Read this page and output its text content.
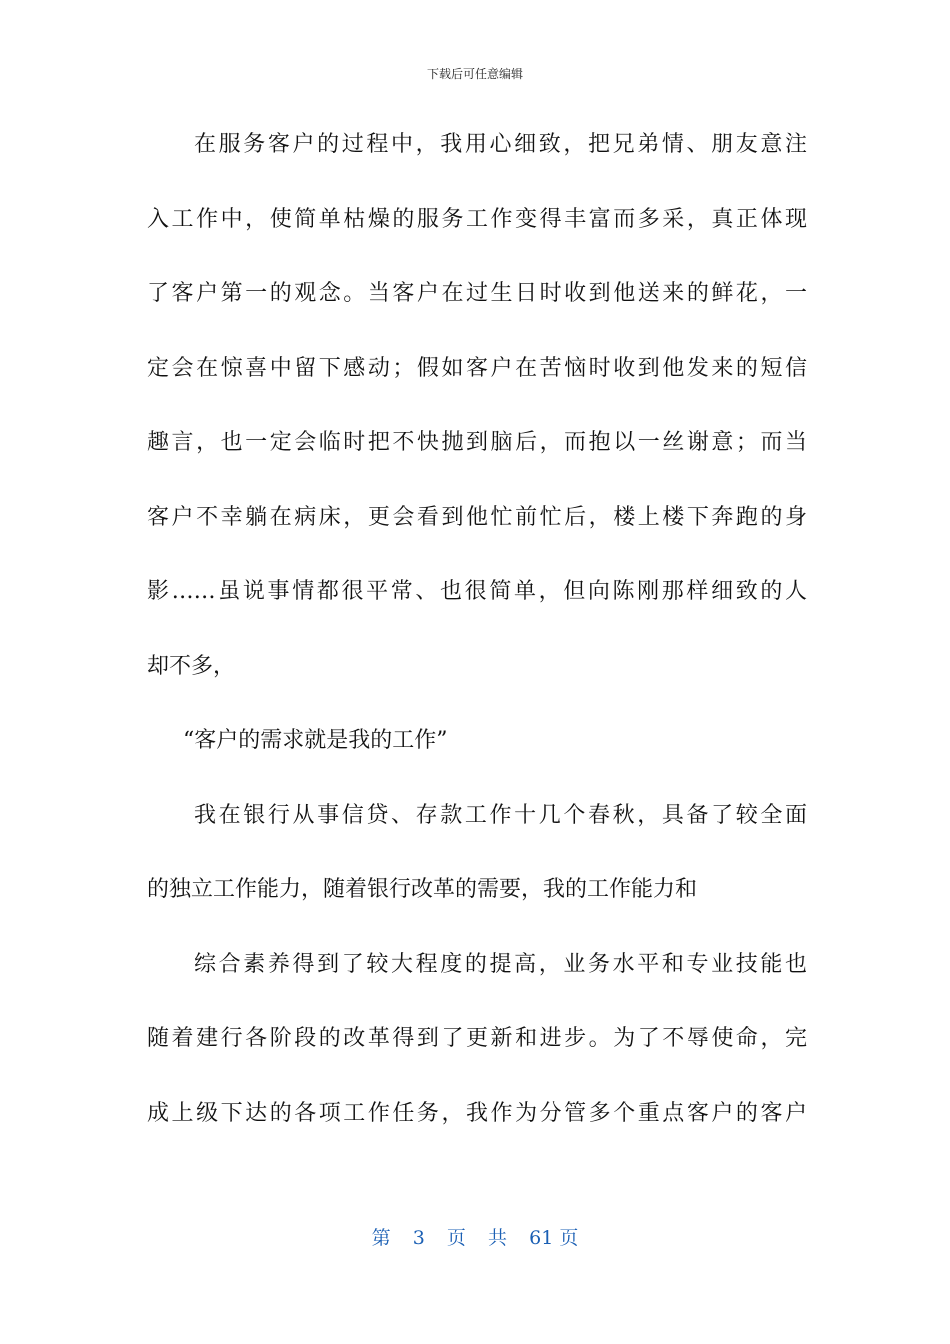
下载后可任意编辑
在服务客户的过程中，我用心细致，把兄弟情、朋友意注
入工作中，使简单枯燥的服务工作变得丰富而多采，真正体现
了客户第一的观念。当客户在过生日时收到他送来的鲜花，一
定会在惊喜中留下感动；假如客户在苦恼时收到他发来的短信
趣言，也一定会临时把不快抛到脑后，而抱以一丝谢意；而当
客户不幸躺在病床，更会看到他忙前忙后，楼上楼下奔跑的身
影……虽说事情都很平常、也很简单，但向陈刚那样细致的人
却不多，
“客户的需求就是我的工作”
我在银行从事信贷、存款工作十几个春秋，具备了较全面
的独立工作能力，随着银行改革的需要，我的工作能力和
综合素养得到了较大程度的提高，业务水平和专业技能也
随着建行各阶段的改革得到了更新和进步。为了不辱使命，完
成上级下达的各项工作任务，我作为分管多个重点客户的客户
第 3 页 共 61 页
